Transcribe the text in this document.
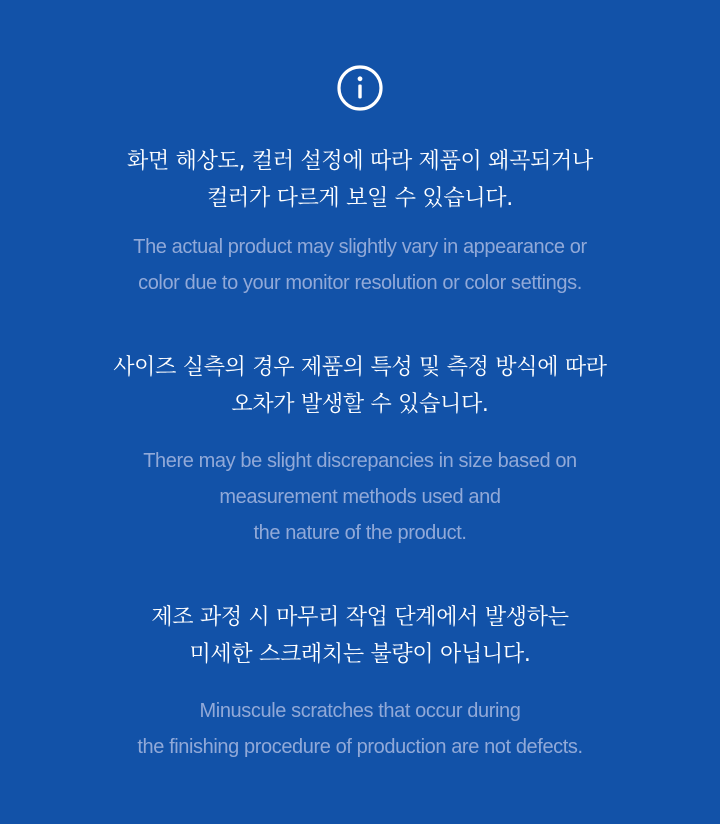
화면 해상도, 컬러 설정에 따라 제품이 왜곡되거나
컬러가 다르게 보일 수 있습니다.

The actual product may slightly vary in appearance or
color due to your monitor resolution or color settings.

사이즈 실측의 경우 제품의 특성 및 측정 방식에 따라
오차가 발생할 수 있습니다.

There may be slight discrepancies in size based on
measurement methods used and
the nature of the product.

제조 과정 시 마무리 작업 단계에서 발생하는
미세한 스크래치는 불량이 아닙니다.

Minuscule scratches that occur during
the finishing procedure of production are not defects.
